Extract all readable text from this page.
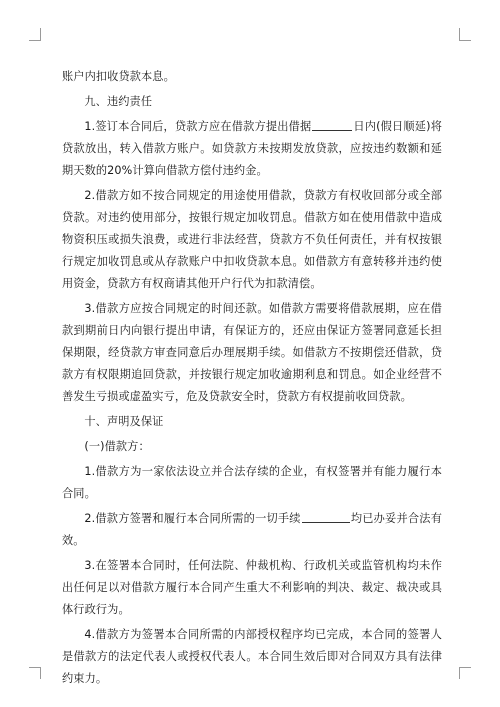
账户内扣收贷款本息。

九、违约责任

1.签订本合同后，贷款方应在借款方提出借据	日内(假日顺延)将贷款放出，转入借款方账户。如贷款方未按期发放贷款，应按违约数额和延期天数的20%计算向借款方偿付违约金。

2.借款方如不按合同规定的用途使用借款，贷款方有权收回部分或全部贷款。对违约使用部分，按银行规定加收罚息。借款方如在使用借款中造成物资积压或损失浪费，或进行非法经营，贷款方不负任何责任，并有权按银行规定加收罚息或从存款账户中扣收贷款本息。如借款方有意转移并违约使用资金，贷款方有权商请其他开户行代为扣款清偿。

3.借款方应按合同规定的时间还款。如借款方需要将借款展期，应在借款到期前日内向银行提出申请，有保证方的，还应由保证方签署同意延长担保期限，经贷款方审查同意后办理展期手续。如借款方不按期偿还借款，贷款方有权限期追回贷款，并按银行规定加收逾期利息和罚息。如企业经营不善发生亏损或虚盈实亏，危及贷款安全时，贷款方有权提前收回贷款。

十、声明及保证

(一)借款方：

1.借款方为一家依法设立并合法存续的企业，有权签署并有能力履行本合同。

2.借款方签署和履行本合同所需的一切手续	均已办妥并合法有效。

3.在签署本合同时，任何法院、仲裁机构、行政机关或监管机构均未作出任何足以对借款方履行本合同产生重大不利影响的判决、裁定、裁决或具体行政行为。

4.借款方为签署本合同所需的内部授权程序均已完成，本合同的签署人是借款方的法定代表人或授权代表人。本合同生效后即对合同双方具有法律约束力。
